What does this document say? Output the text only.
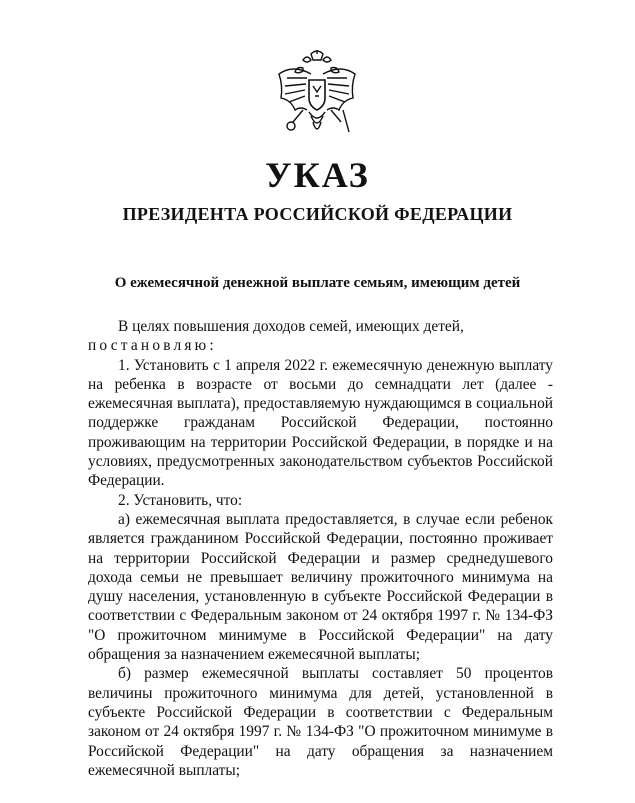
УКАЗ
ПРЕЗИДЕНТА РОССИЙСКОЙ ФЕДЕРАЦИИ
О ежемесячной денежной выплате семьям, имеющим детей

В целях повышения доходов семей, имеющих детей,

постановляю:

1. Установить с 1 апреля 2022 г. ежемесячную денежную выплату на ребенка в возрасте от восьми до семнадцати лет (далее - ежемесячная выплата), предоставляемую нуждающимся в социальной поддержке гражданам Российской Федерации, постоянно проживающим на территории Российской Федерации, в порядке и на условиях, предусмотренных законодательством субъектов Российской Федерации.

2. Установить, что:

а) ежемесячная выплата предоставляется, в случае если ребенок является гражданином Российской Федерации, постоянно проживает на территории Российской Федерации и размер среднедушевого дохода семьи не превышает величину прожиточного минимума на душу населения, установленную в субъекте Российской Федерации в соответствии с Федеральным законом от 24 октября 1997 г. № 134-ФЗ "О прожиточном минимуме в Российской Федерации" на дату обращения за назначением ежемесячной выплаты;

б) размер ежемесячной выплаты составляет 50 процентов величины прожиточного минимума для детей, установленной в субъекте Российской Федерации в соответствии с Федеральным законом от 24 октября 1997 г. № 134-ФЗ "О прожиточном минимуме в Российской Федерации" на дату обращения за назначением ежемесячной выплаты;
